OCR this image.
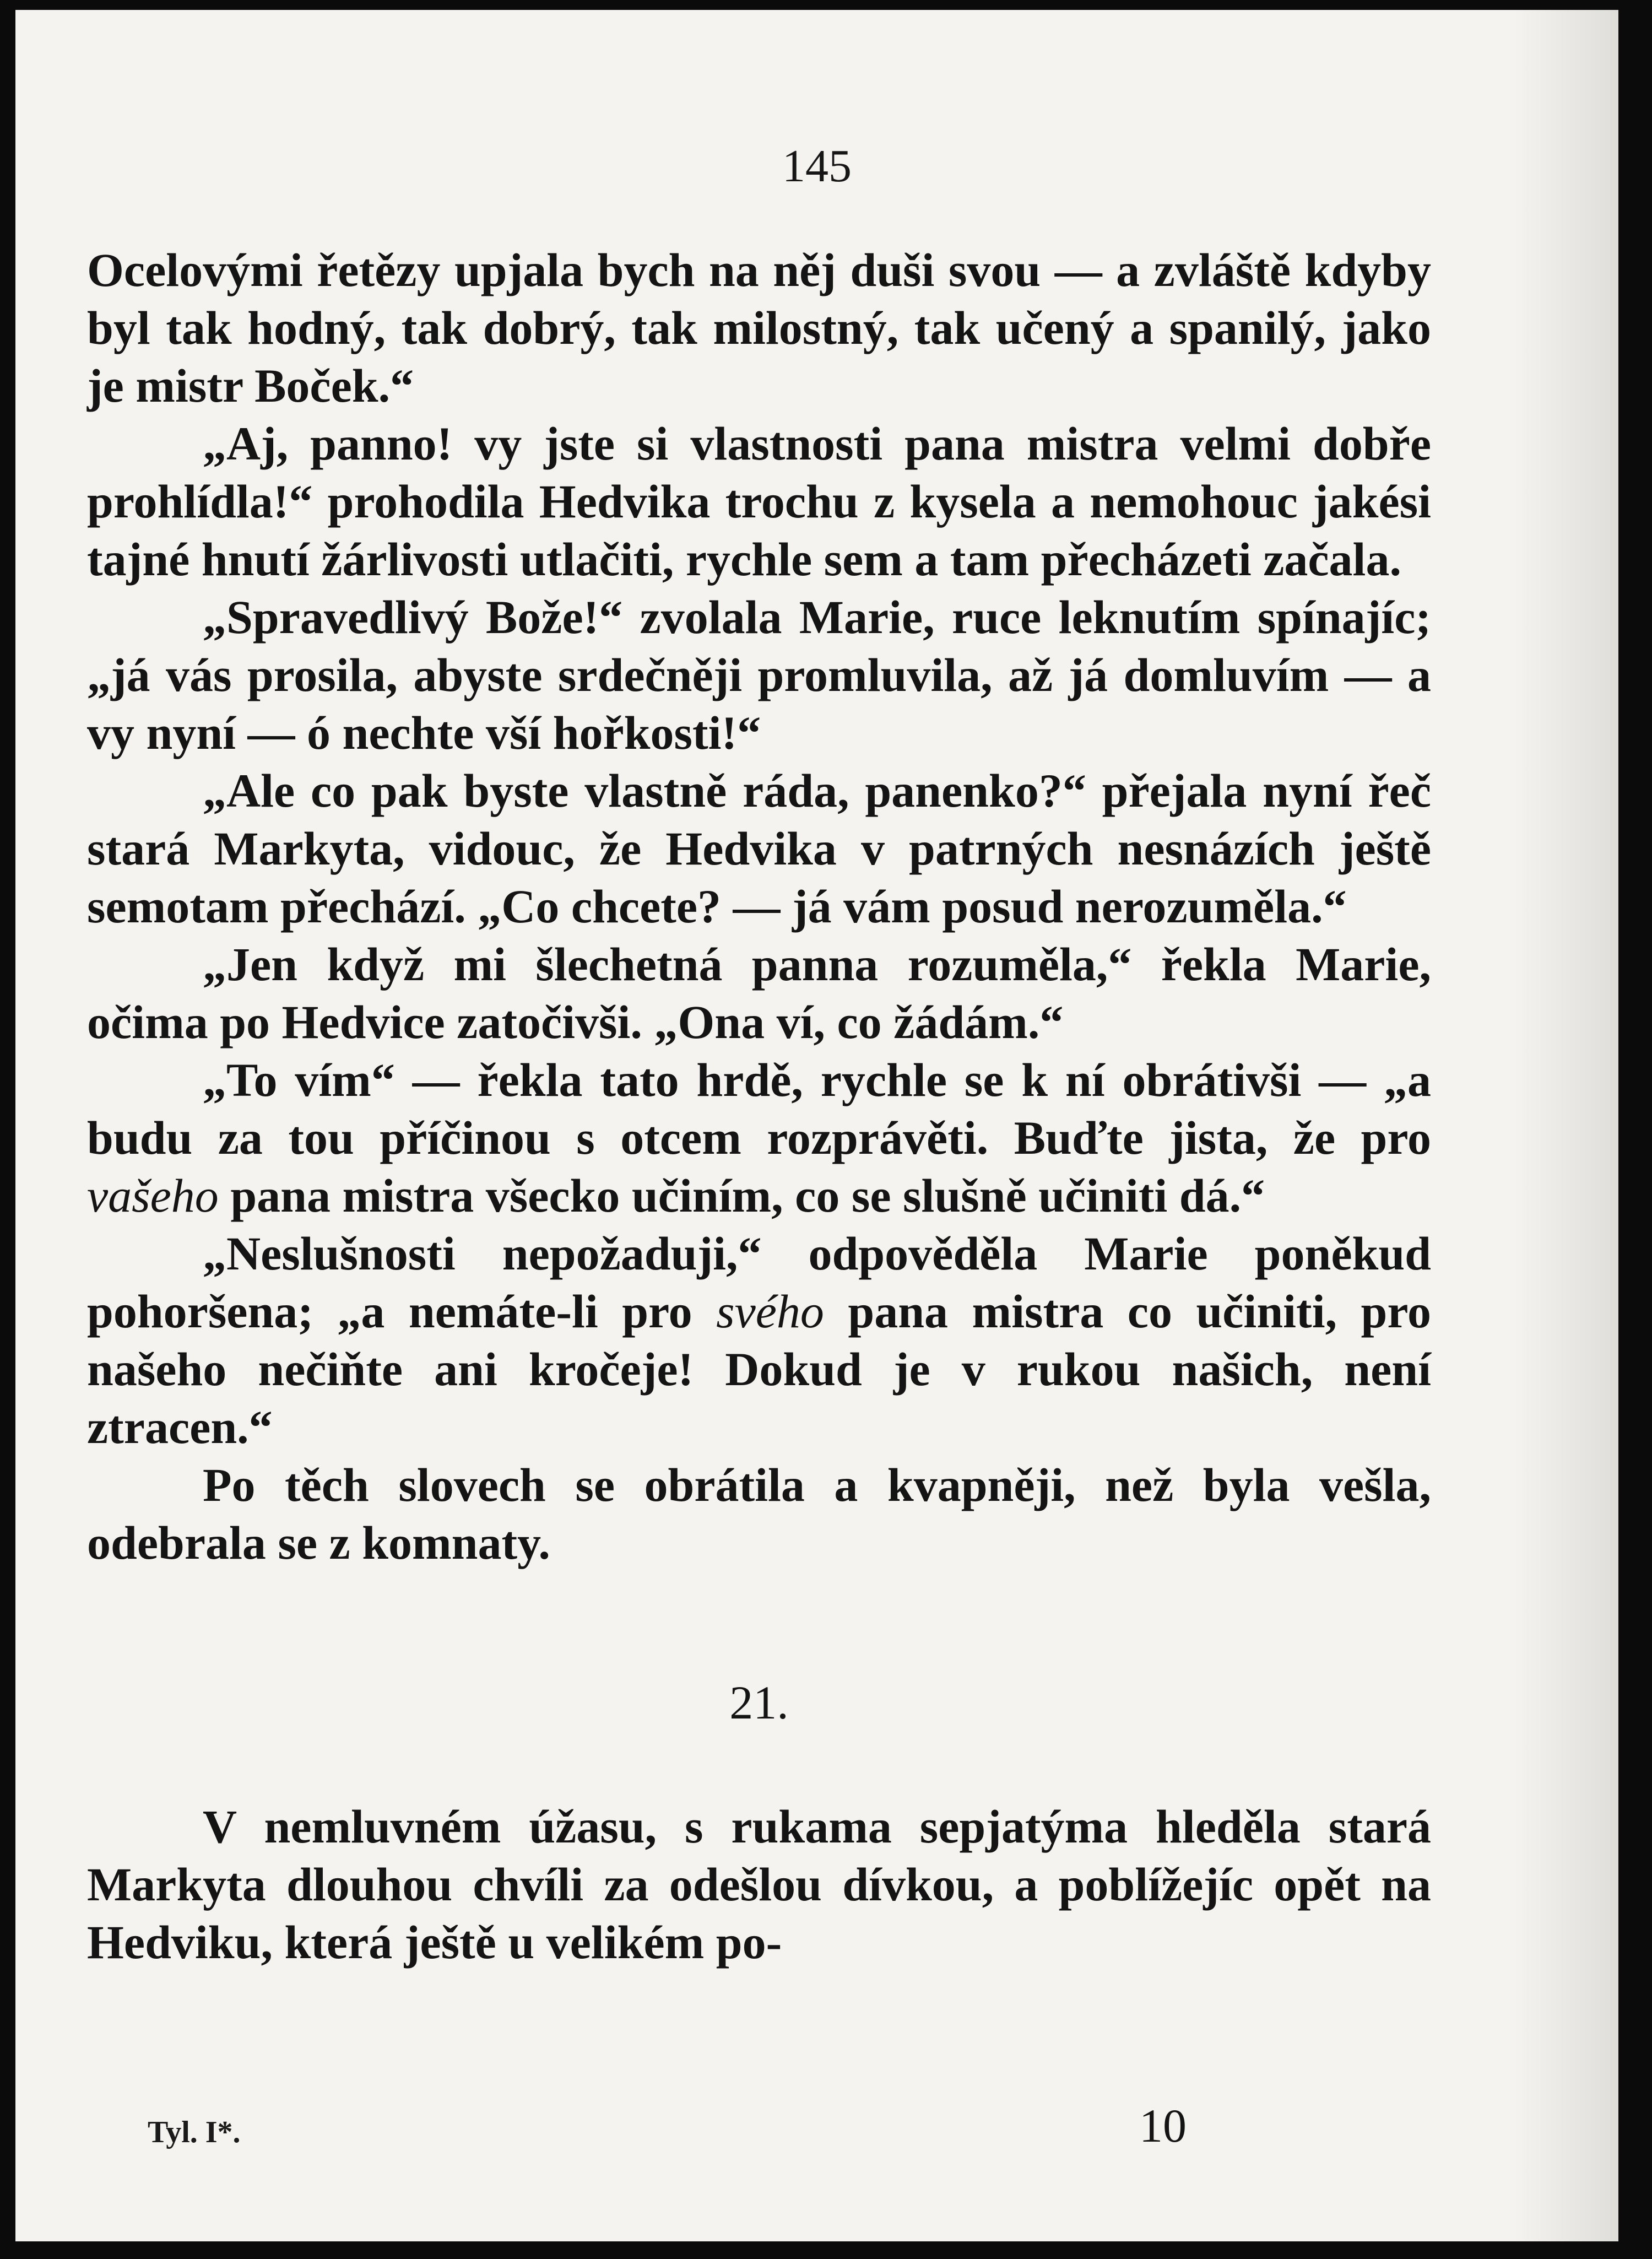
145

Ocelovými řetězy upjala bych na něj duši svou — a zvláště kdyby byl tak hodný, tak dobrý, tak milostný, tak učený a spanilý, jako je mistr Boček.“

„Aj, panno! vy jste si vlastnosti pana mistra velmi dobře prohlídla!“ prohodila Hedvika trochu z kysela a nemohouc jakési tajné hnutí žárlivosti utlačiti, rychle sem a tam přecházeti začala.

„Spravedlivý Bože!“ zvolala Marie, ruce leknutím spínajíc; „já vás prosila, abyste srdečněji promluvila, až já domluvím — a vy nyní — ó nechte vší hořkosti!“

„Ale co pak byste vlastně ráda, panenko?“ přejala nyní řeč stará Markyta, vidouc, že Hedvika v patrných nesnázích ještě semotam přechází. „Co chcete? — já vám posud nerozuměla.“

„Jen když mi šlechetná panna rozuměla,“ řekla Marie, očima po Hedvice zatočivši. „Ona ví, co žádám.“

„To vím“ — řekla tato hrdě, rychle se k ní obrátivši — „a budu za tou příčinou s otcem rozprávěti. Buďte jista, že pro vašeho pana mistra všecko učiním, co se slušně učiniti dá.“

„Neslušnosti nepožaduji,“ odpověděla Marie poněkud pohoršena; „a nemáte-li pro svého pana mistra co učiniti, pro našeho nečiňte ani kročeje! Dokud je v rukou našich, není ztracen.“

Po těch slovech se obrátila a kvapněji, než byla vešla, odebrala se z komnaty.

21.

V nemluvném úžasu, s rukama sepjatýma hleděla stará Markyta dlouhou chvíli za odešlou dívkou, a poblížejíc opět na Hedviku, která ještě u velikém po-

Tyl. I*.	10
